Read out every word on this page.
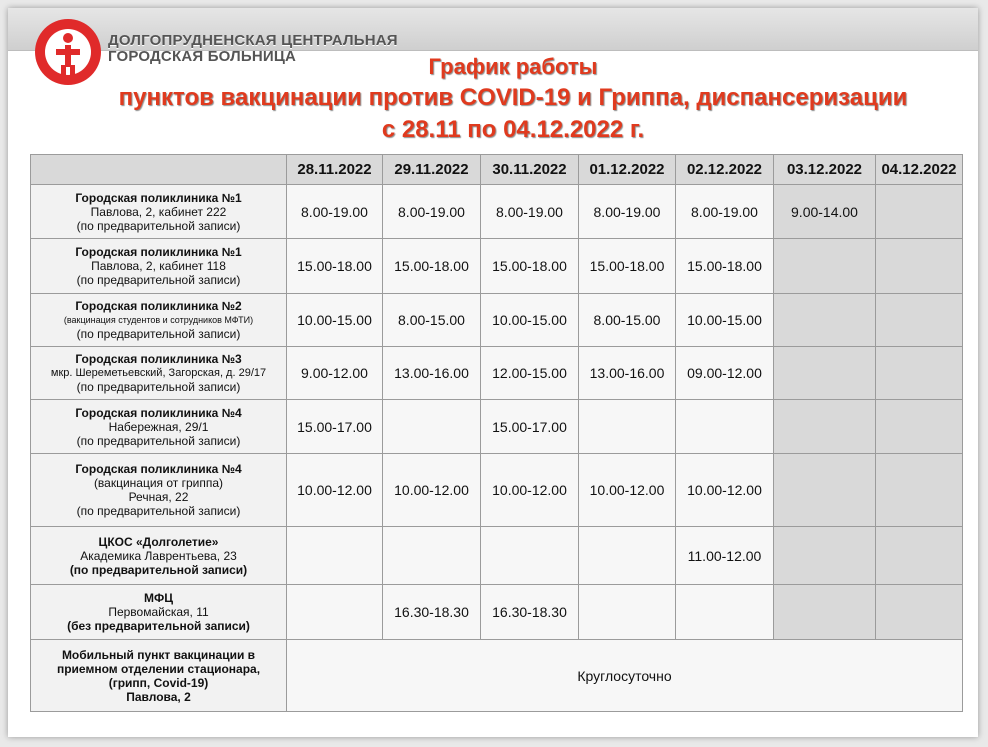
ДОЛГОПРУДНЕНСКАЯ ЦЕНТРАЛЬНАЯ
ГОРОДСКАЯ БОЛЬНИЦА	График работы
пунктов вакцинации против COVID-19 и Гриппа, диспансеризации
с 28.11 по 04.12.2022 г.
	28.11.2022	29.11.2022	30.11.2022	01.12.2022	02.12.2022	03.12.2022	04.12.2022

Городская поликлиника №1
Павлова, 2, кабинет 222
(по предварительной записи)	8.00-19.00	8.00-19.00	8.00-19.00	8.00-19.00	8.00-19.00	9.00-14.00	

Городская поликлиника №1
Павлова, 2, кабинет 118
(по предварительной записи)	15.00-18.00	15.00-18.00	15.00-18.00	15.00-18.00	15.00-18.00		

Городская поликлиника №2
(вакцинация студентов и сотрудников МФТИ)
(по предварительной записи)	10.00-15.00	8.00-15.00	10.00-15.00	8.00-15.00	10.00-15.00		

Городская поликлиника №3
мкр. Шереметьевский, Загорская, д. 29/17
(по предварительной записи)	9.00-12.00	13.00-16.00	12.00-15.00	13.00-16.00	09.00-12.00		

Городская поликлиника №4
Набережная, 29/1
(по предварительной записи)	15.00-17.00		15.00-17.00				

Городская поликлиника №4
(вакцинация от гриппа)
Речная, 22
(по предварительной записи)	10.00-12.00	10.00-12.00	10.00-12.00	10.00-12.00	10.00-12.00		

ЦКОС «Долголетие»
Академика Лаврентьева, 23
(по предварительной записи)					11.00-12.00		

МФЦ
Первомайская, 11
(без предварительной записи)		16.30-18.30	16.30-18.30				

Мобильный пункт вакцинации в
приемном отделении стационара,
(грипп, Covid-19)
Павлова, 2	Круглосуточно						
